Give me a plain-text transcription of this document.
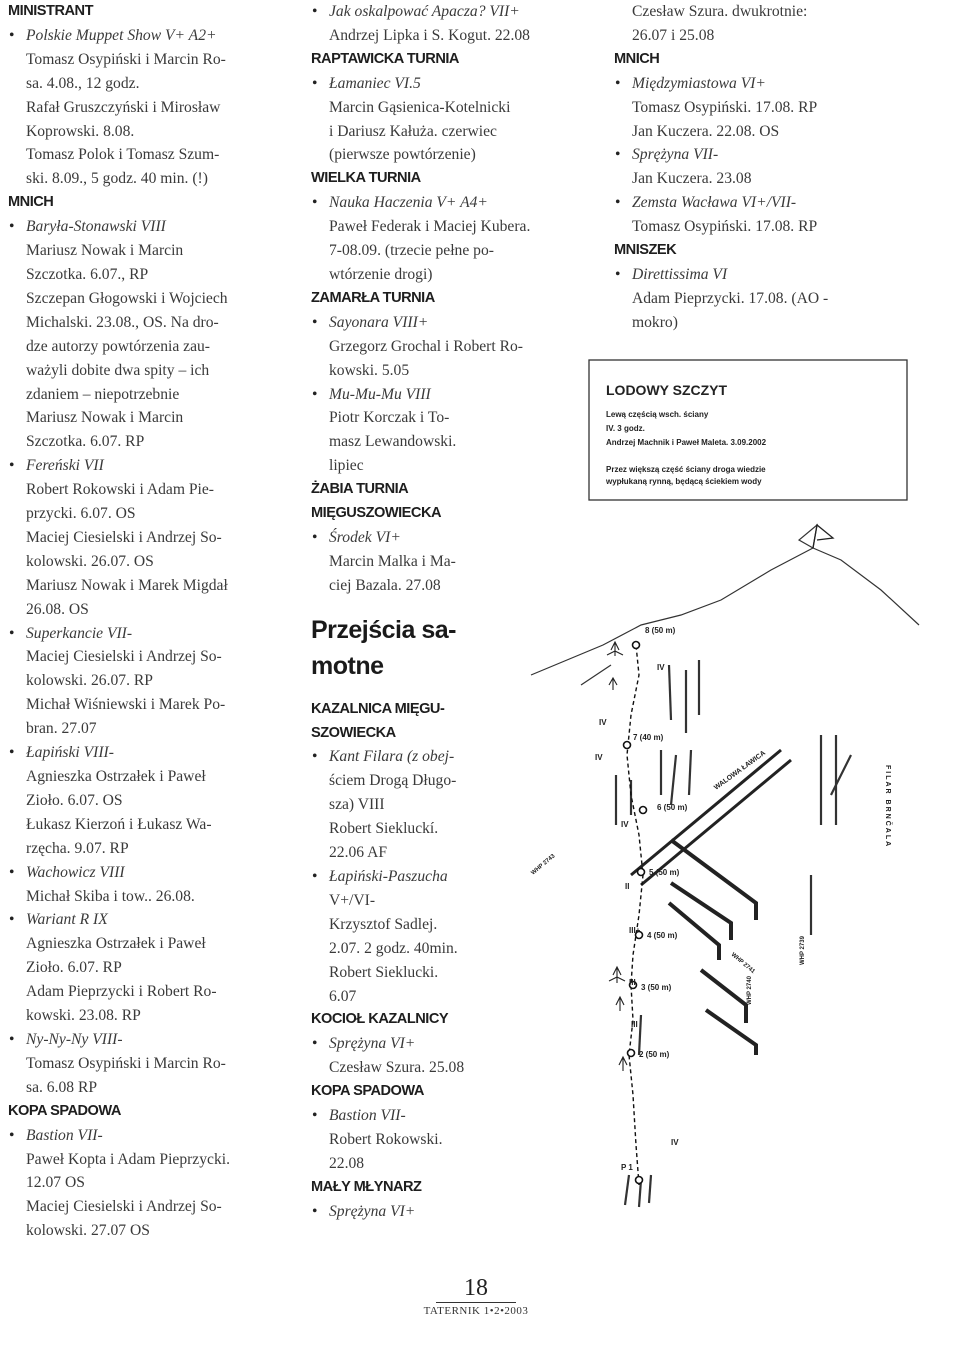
MINISTRANT
• Polskie Muppet Show V+ A2+
Tomasz Osypiński i Marcin Ro-
sa. 4.08., 12 godz.
Rafał Gruszczyński i Mirosław
Koprowski. 8.08.
Tomasz Polok i Tomasz Szum-
ski. 8.09., 5 godz. 40 min. (!)
MNICH
• Baryła-Stonawski VIII
Mariusz Nowak i Marcin
Szczotka. 6.07., RP
Szczepan Głogowski i Wojciech
Michalski. 23.08., OS. Na dro-
dze autorzy powtórzenia zau-
ważyli dobite dwa spity – ich
zdaniem – niepotrzebnie
Mariusz Nowak i Marcin
Szczotka. 6.07. RP
• Fereński VII
Robert Rokowski i Adam Pie-
przycki. 6.07. OS
Maciej Ciesielski i Andrzej So-
kolowski. 26.07. OS
Mariusz Nowak i Marek Migdał
26.08. OS
• Superkancie VII-
Maciej Ciesielski i Andrzej So-
kolowski. 26.07. RP
Michał Wiśniewski i Marek Po-
bran. 27.07
• Łapiński VIII-
Agnieszka Ostrzałek i Paweł
Zioło. 6.07. OS
Łukasz Kierzoń i Łukasz Wa-
rzęcha. 9.07. RP
• Wachowicz VIII
Michał Skiba i tow.. 26.08.
• Wariant R IX
Agnieszka Ostrzałek i Paweł
Zioło. 6.07. RP
Adam Pieprzycki i Robert Ro-
kowski. 23.08. RP
• Ny-Ny-Ny VIII-
Tomasz Osypiński i Marcin Ro-
sa. 6.08 RP
KOPA SPADOWA
• Bastion VII-
Paweł Kopta i Adam Pieprzycki.
12.07 OS
Maciej Ciesielski i Andrzej So-
kolowski. 27.07 OS
• Jak oskalpować Apacza? VII+
Andrzej Lipka i S. Kogut. 22.08
RAPTAWICKA TURNIA
• Łamaniec VI.5
Marcin Gąsienica-Kotelnicki
i Dariusz Kałuża. czerwiec
(pierwsze powtórzenie)
WIELKA TURNIA
• Nauka Haczenia V+ A4+
Paweł Federak i Maciej Kubera.
7-08.09. (trzecie pełne po-
wtórzenie drogi)
ZAMARŁA TURNIA
• Sayonara VIII+
Grzegorz Grochal i Robert Ro-
kowski. 5.05
• Mu-Mu-Mu VIII
Piotr Korczak i To-
masz Lewandowski.
lipiec
ŻABIA TURNIA
MIĘGUSZOWIECKA
• Środek VI+
Marcin Malka i Ma-
ciej Bazala. 27.08
Przejścia sa-
motne
KAZALNICA MIĘGU-
SZOWIECKA
• Kant Filara (z obej-
ściem Drogą Długo-
sza) VIII
Robert Siekluckí.
22.06 AF
• Łapiński-Paszucha
V+/VI-
Krzysztof Sadlej.
2.07. 2 godz. 40min.
Robert Sieklucki.
6.07
KOCIOŁ KAZALNICY
• Sprężyna VI+
Czesław Szura. 25.08
KOPA SPADOWA
• Bastion VII-
Robert Rokowski.
22.08
MAŁY MŁYNARZ
• Sprężyna VI+
Czesław Szura. dwukrotnie:
26.07 i 25.08
MNICH
• Międzymiastowa VI+
Tomasz Osypiński. 17.08. RP
Jan Kuczera. 22.08. OS
• Sprężyna VII-
Jan Kuczera. 23.08
• Zemsta Wacława VI+/VII-
Tomasz Osypiński. 17.08. RP
MNISZEK
• Direttissima VI
Adam Pieprzycki. 17.08. (AO -
mokro)
LODOWY SZCZYT
Lewą częścią wsch. ściany
IV. 3 godz.
Andrzej Machnik i Paweł Maleta. 3.09.2002
Przez większą część ściany droga wiedzie
wypłukaną rynną, będącą ściekiem wody
8 (50 m)
7 (40 m)
6 (50 m)
5 (50 m)
4 (50 m)
3 (50 m)
2 (50 m)
P 1
IV
IV
IV
IV
II
III+
III
III
IV
WALOWA ŁAWICA	FILAR BRNČALA
WHP 2743
WHP 2741
WHP 2740
WHP 2739
18
TATERNIK 1•2•2003
